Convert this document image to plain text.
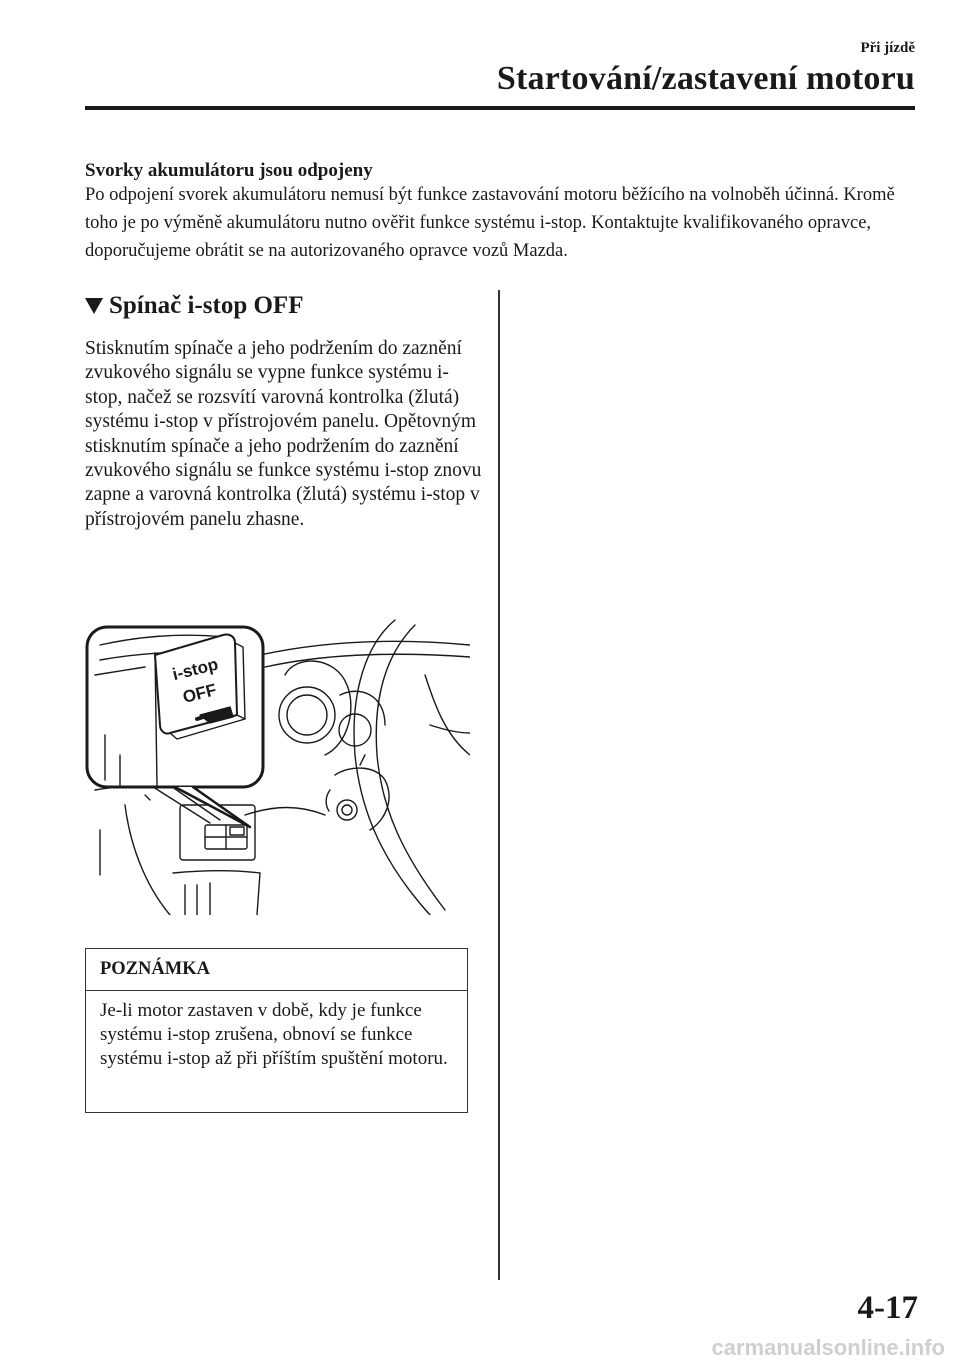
Při jízdě
Startování/zastavení motoru
Svorky akumulátoru jsou odpojeny
Po odpojení svorek akumulátoru nemusí být funkce zastavování motoru běžícího na volnoběh účinná. Kromě toho je po výměně akumulátoru nutno ověřit funkce systému i-stop. Kontaktujte kvalifikovaného opravce, doporučujeme obrátit se na autorizovaného opravce vozů Mazda.
Spínač i-stop OFF
Stisknutím spínače a jeho podržením do zaznění zvukového signálu se vypne funkce systému i-stop, načež se rozsvítí varovná kontrolka (žlutá) systému i-stop v přístrojovém panelu. Opětovným stisknutím spínače a jeho podržením do zaznění zvukového signálu se funkce systému i-stop znovu zapne a varovná kontrolka (žlutá) systému i-stop v přístrojovém panelu zhasne.
i-stop
OFF
POZNÁMKA
Je-li motor zastaven v době, kdy je funkce systému i-stop zrušena, obnoví se funkce systému i-stop až při příštím spuštění motoru.
4-17
carmanualsonline.info
